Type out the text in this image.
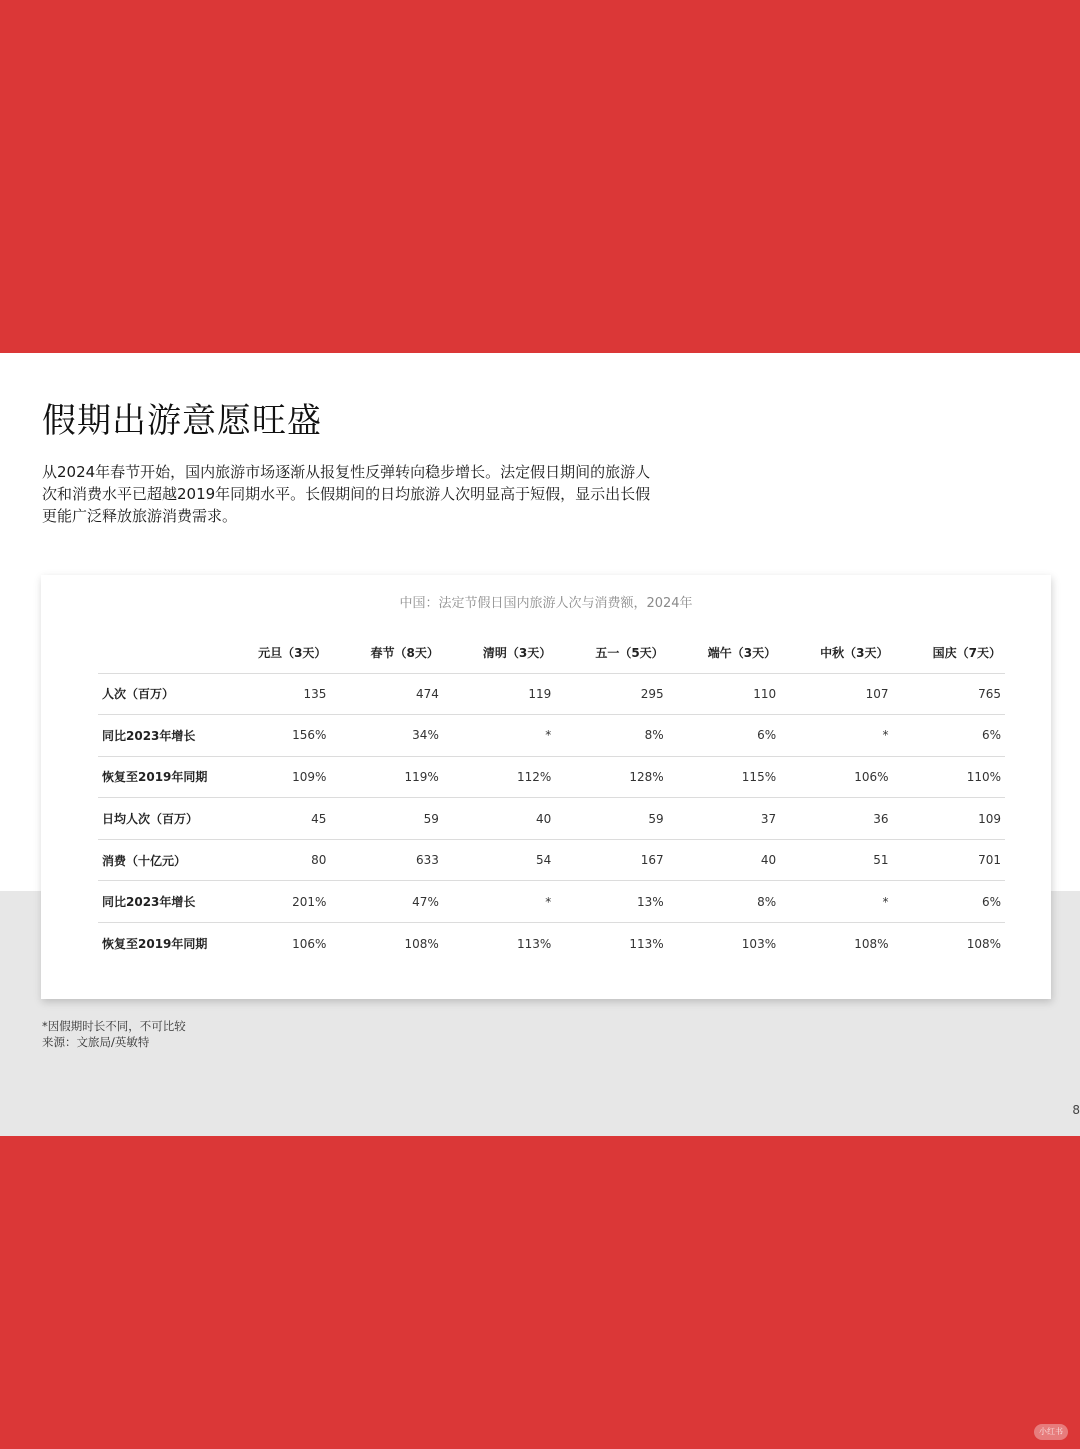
假期出游意愿旺盛

从2024年春节开始，国内旅游市场逐渐从报复性反弹转向稳步增长。法定假日期间的旅游人次和消费水平已超越2019年同期水平。长假期间的日均旅游人次明显高于短假，显示出长假更能广泛释放旅游消费需求。

中国：法定节假日国内旅游人次与消费额，2024年
	元旦（3天）	春节（8天）	清明（3天）	五一（5天）	端午（3天）	中秋（3天）	国庆（7天）
人次（百万）	135	474	119	295	110	107	765
同比2023年增长	156%	34%	*	8%	6%	*	6%
恢复至2019年同期	109%	119%	112%	128%	115%	106%	110%
日均人次（百万）	45	59	40	59	37	36	109
消费（十亿元）	80	633	54	167	40	51	701
同比2023年增长	201%	47%	*	13%	8%	*	6%
恢复至2019年同期	106%	108%	113%	113%	103%	108%	108%
*因假期时长不同，不可比较
来源：文旅局/英敏特
8
小红书
